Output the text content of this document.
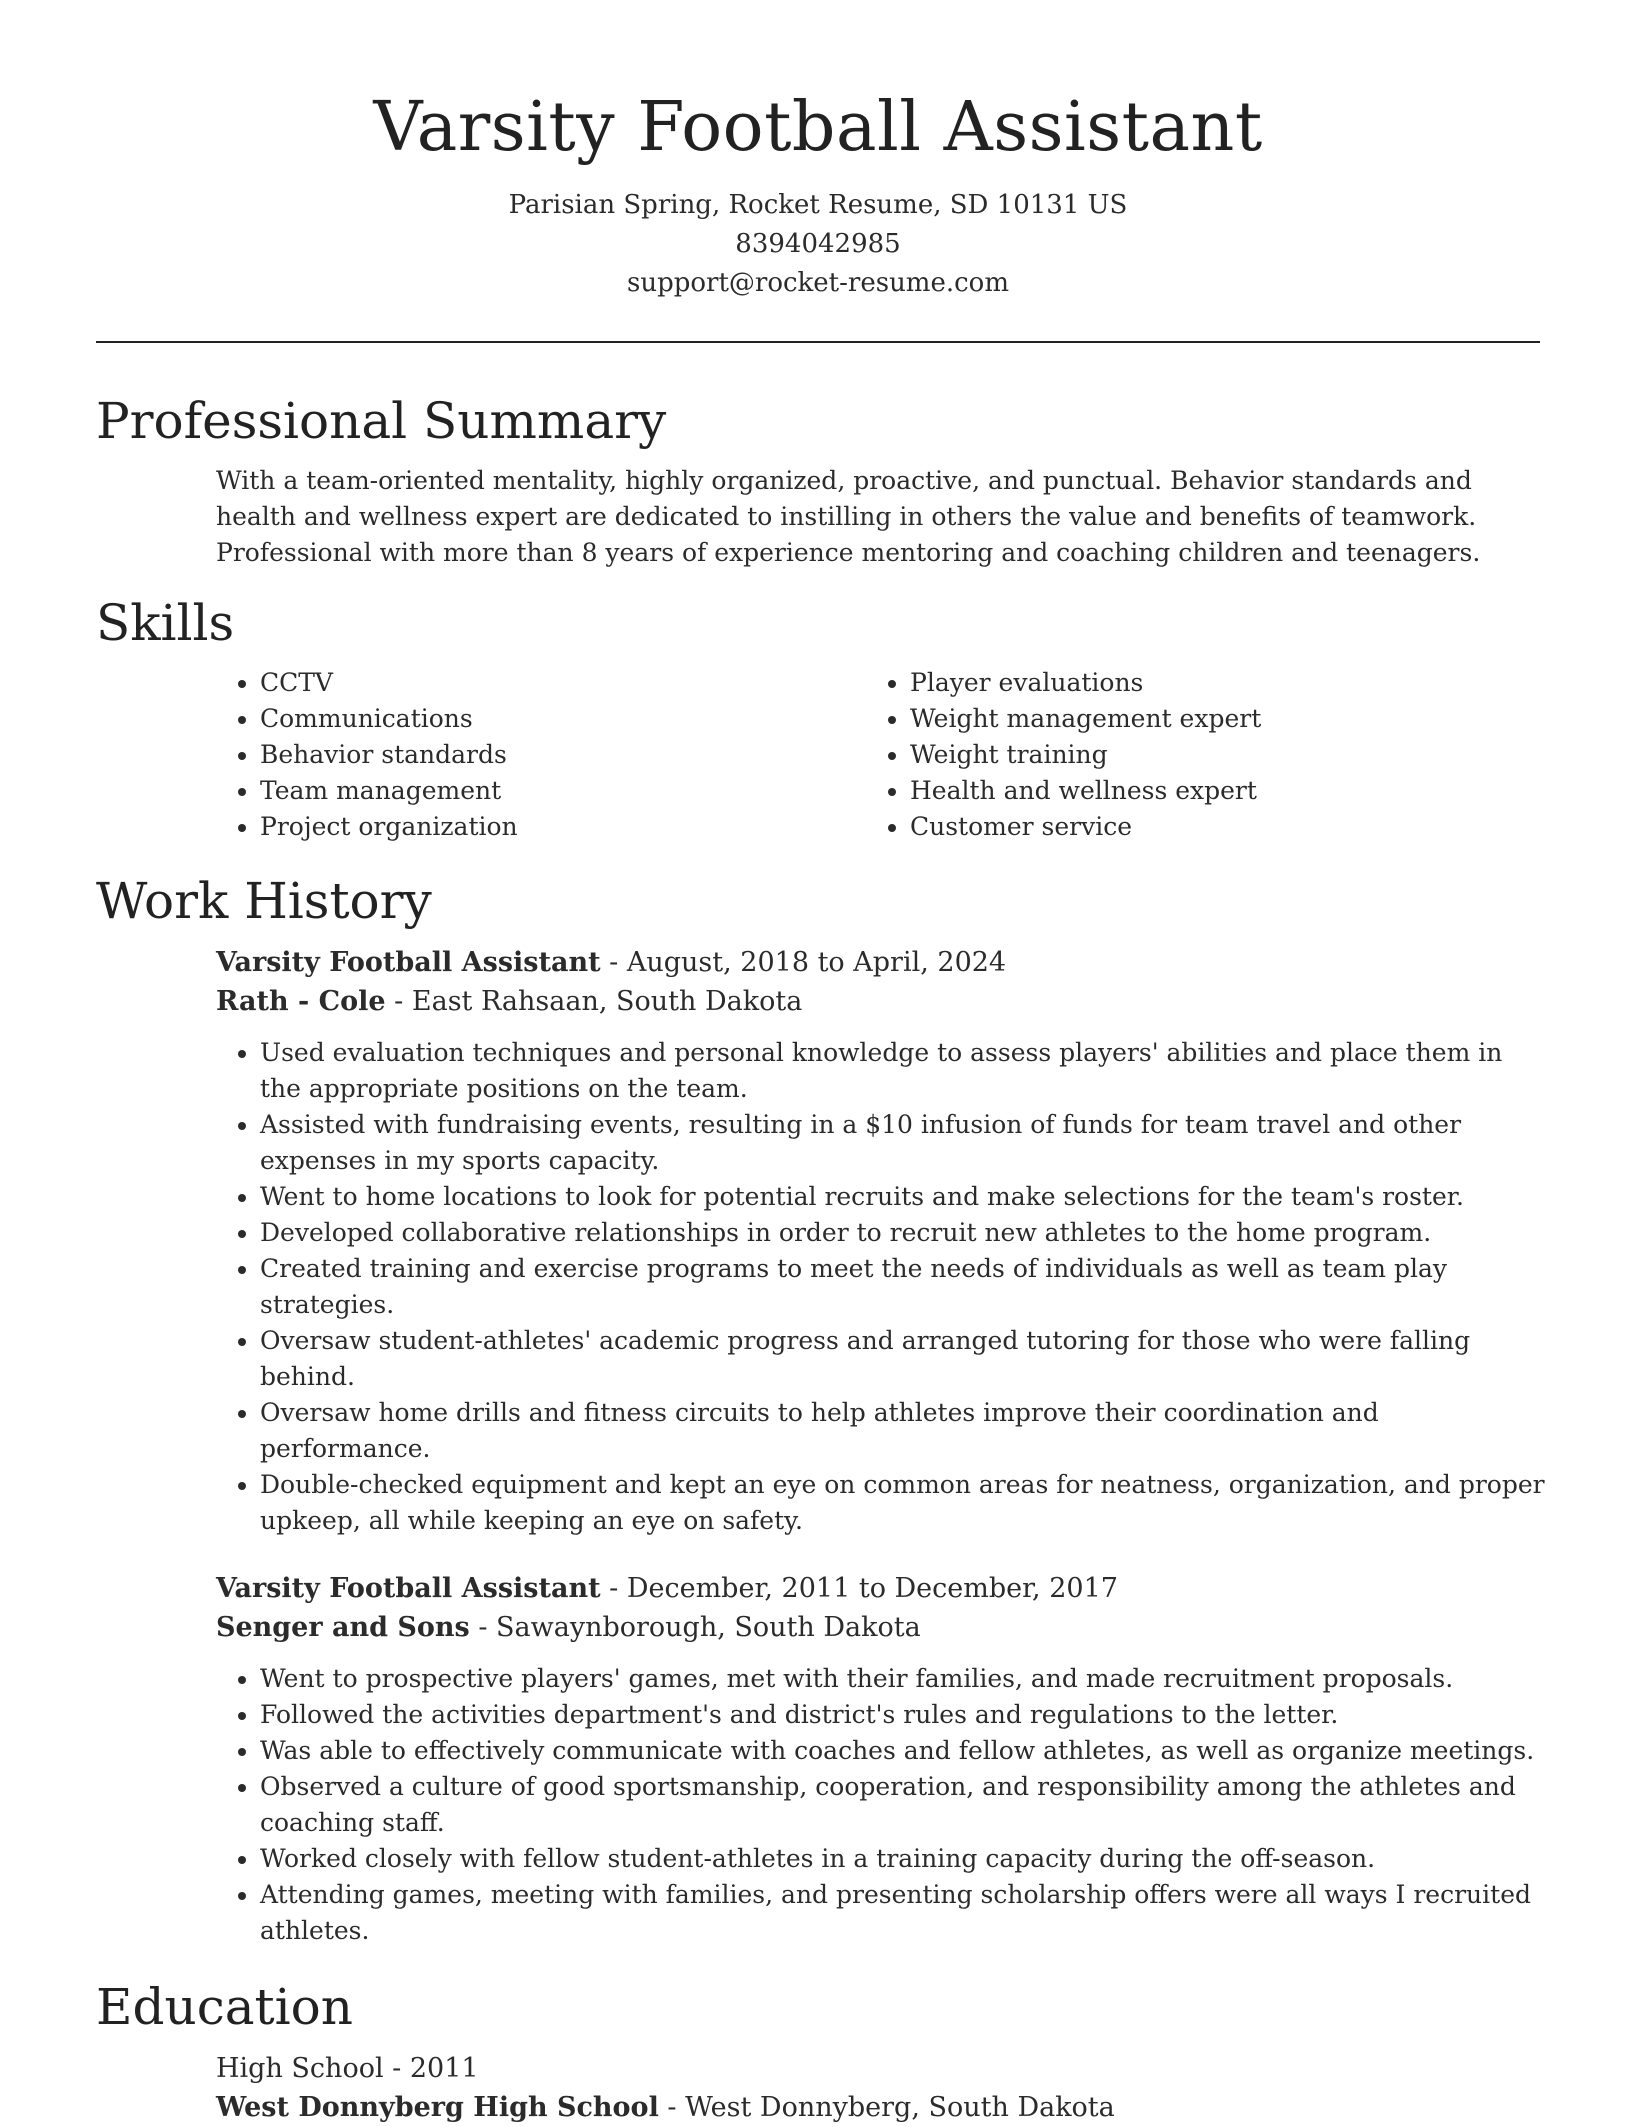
Varsity Football Assistant

Parisian Spring, Rocket Resume, SD 10131 US

8394042985

support@rocket-resume.com

Professional Summary

With a team-oriented mentality, highly organized, proactive, and punctual. Behavior standards and health and wellness expert are dedicated to instilling in others the value and benefits of teamwork. Professional with more than 8 years of experience mentoring and coaching children and teenagers.

Skills
• CCTV
• Communications
• Behavior standards
• Team management
• Project organization
• Player evaluations
• Weight management expert
• Weight training
• Health and wellness expert
• Customer service
Work History

Varsity Football Assistant - August, 2018 to April, 2024

Rath - Cole - East Rahsaan, South Dakota

• Used evaluation techniques and personal knowledge to assess players' abilities and place them in the appropriate positions on the team.
• Assisted with fundraising events, resulting in a $10 infusion of funds for team travel and other expenses in my sports capacity.
• Went to home locations to look for potential recruits and make selections for the team's roster.
• Developed collaborative relationships in order to recruit new athletes to the home program.
• Created training and exercise programs to meet the needs of individuals as well as team play strategies.
• Oversaw student-athletes' academic progress and arranged tutoring for those who were falling behind.
• Oversaw home drills and fitness circuits to help athletes improve their coordination and performance.
• Double-checked equipment and kept an eye on common areas for neatness, organization, and proper upkeep, all while keeping an eye on safety.

Varsity Football Assistant - December, 2011 to December, 2017

Senger and Sons - Sawaynborough, South Dakota

• Went to prospective players' games, met with their families, and made recruitment proposals.
• Followed the activities department's and district's rules and regulations to the letter.
• Was able to effectively communicate with coaches and fellow athletes, as well as organize meetings.
• Observed a culture of good sportsmanship, cooperation, and responsibility among the athletes and coaching staff.
• Worked closely with fellow student-athletes in a training capacity during the off-season.
• Attending games, meeting with families, and presenting scholarship offers were all ways I recruited athletes.
Education

High School - 2011

West Donnyberg High School - West Donnyberg, South Dakota
